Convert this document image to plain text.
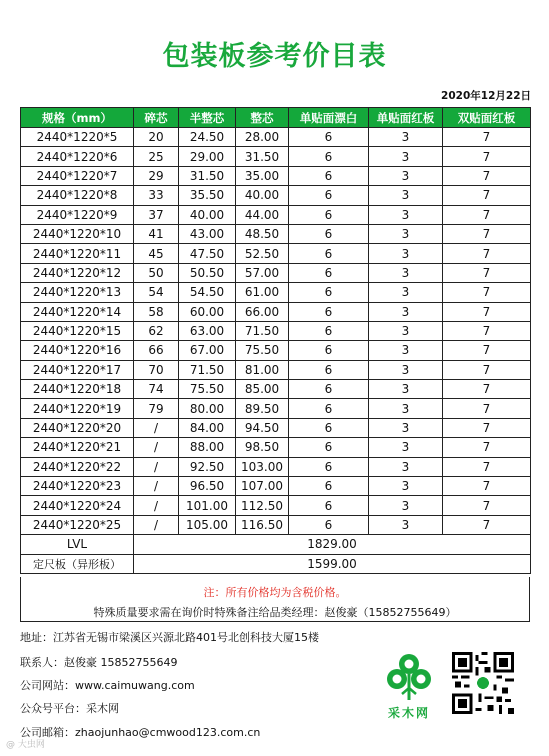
包装板参考价目表
2020年12月22日
规格（mm）	碎芯	半整芯	整芯	单贴面漂白	单贴面红板	双贴面红板
2440*1220*5	20	24.50	28.00	6	3	7
2440*1220*6	25	29.00	31.50	6	3	7
2440*1220*7	29	31.50	35.00	6	3	7
2440*1220*8	33	35.50	40.00	6	3	7
2440*1220*9	37	40.00	44.00	6	3	7
2440*1220*10	41	43.00	48.50	6	3	7
2440*1220*11	45	47.50	52.50	6	3	7
2440*1220*12	50	50.50	57.00	6	3	7
2440*1220*13	54	54.50	61.00	6	3	7
2440*1220*14	58	60.00	66.00	6	3	7
2440*1220*15	62	63.00	71.50	6	3	7
2440*1220*16	66	67.00	75.50	6	3	7
2440*1220*17	70	71.50	81.00	6	3	7
2440*1220*18	74	75.50	85.00	6	3	7
2440*1220*19	79	80.00	89.50	6	3	7
2440*1220*20	/	84.00	94.50	6	3	7
2440*1220*21	/	88.00	98.50	6	3	7
2440*1220*22	/	92.50	103.00	6	3	7
2440*1220*23	/	96.50	107.00	6	3	7
2440*1220*24	/	101.00	112.50	6	3	7
2440*1220*25	/	105.00	116.50	6	3	7
LVL	1829.00					
定尺板（异形板）	1599.00					
注：所有价格均为含税价格。
特殊质量要求需在询价时特殊备注给品类经理：赵俊豪（15852755649）
地址：江苏省无锡市梁溪区兴源北路401号北创科技大厦15楼
联系人：赵俊豪 15852755649
公司网站：www.caimuwang.com
公众号平台：采木网
公司邮箱：zhaojunhao@cmwood123.com.cn
采木网
@ 大虫网
